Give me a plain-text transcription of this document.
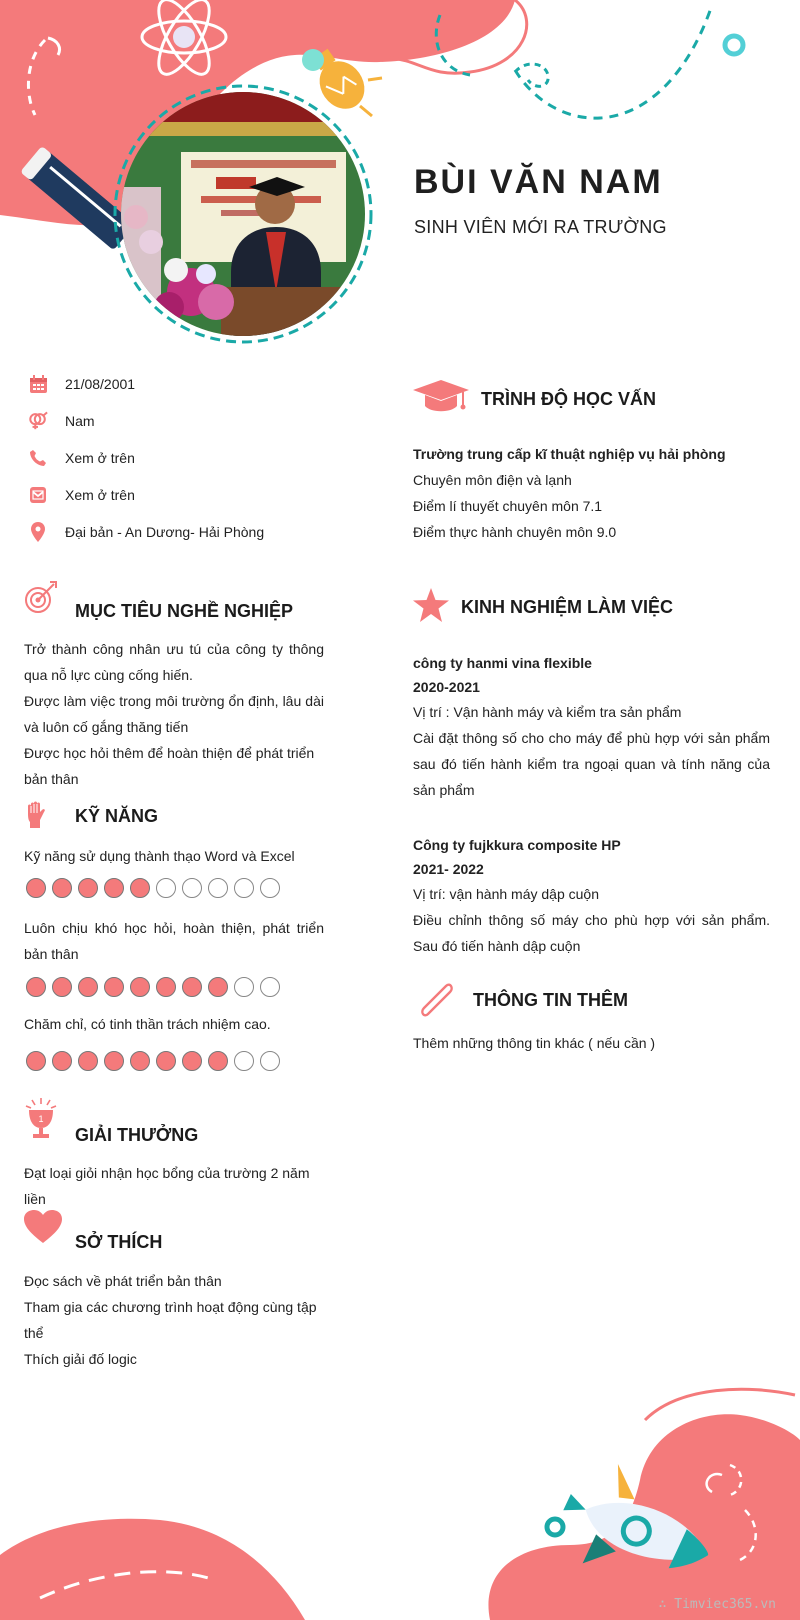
BÙI VĂN NAM
SINH VIÊN MỚI RA TRƯỜNG
21/08/2001
Nam
Xem ở trên
Xem ở trên
Đại bản - An Dương- Hải Phòng
MỤC TIÊU NGHỀ NGHIỆP
Trở thành công nhân ưu tú của công ty thông qua nỗ lực cùng cống hiến.
Được làm việc trong môi trường ổn định, lâu dài và luôn cố gắng thăng tiến
Được học hỏi thêm để hoàn thiện để phát triển bản thân
KỸ NĂNG
Kỹ năng sử dụng thành thạo Word và Excel
Luôn chịu khó học hỏi, hoàn thiện, phát triển bản thân
Chăm chỉ, có tinh thần trách nhiệm cao.
1
GIẢI THƯỞNG
Đạt loại giỏi nhận học bổng của trường 2 năm liền
SỞ THÍCH
Đọc sách về phát triển bản thân
Tham gia các chương trình hoạt động cùng tập thể
Thích giải đố logic
TRÌNH ĐỘ HỌC VẤN
Trường trung cấp kĩ thuật nghiệp vụ hải phòng
Chuyên môn điện và lạnh
Điểm lí thuyết chuyên môn 7.1
Điểm thực hành chuyên môn 9.0
KINH NGHIỆM LÀM VIỆC
công ty hanmi vina flexible
2020-2021
Vị trí : Vận hành máy và kiểm tra sản phẩm
Cài đặt thông số cho cho máy để phù hợp với sản phẩm sau đó tiến hành kiểm tra ngoại quan và tính năng của sản phẩm
Công ty fujkkura composite HP
2021- 2022
Vị trí: vận hành máy dập cuộn
Điều chỉnh thông số máy cho phù hợp với sản phẩm. Sau đó tiến hành dập cuộn
THÔNG TIN THÊM
Thêm những thông tin khác ( nếu cần )
∴ Timviec365.vn
